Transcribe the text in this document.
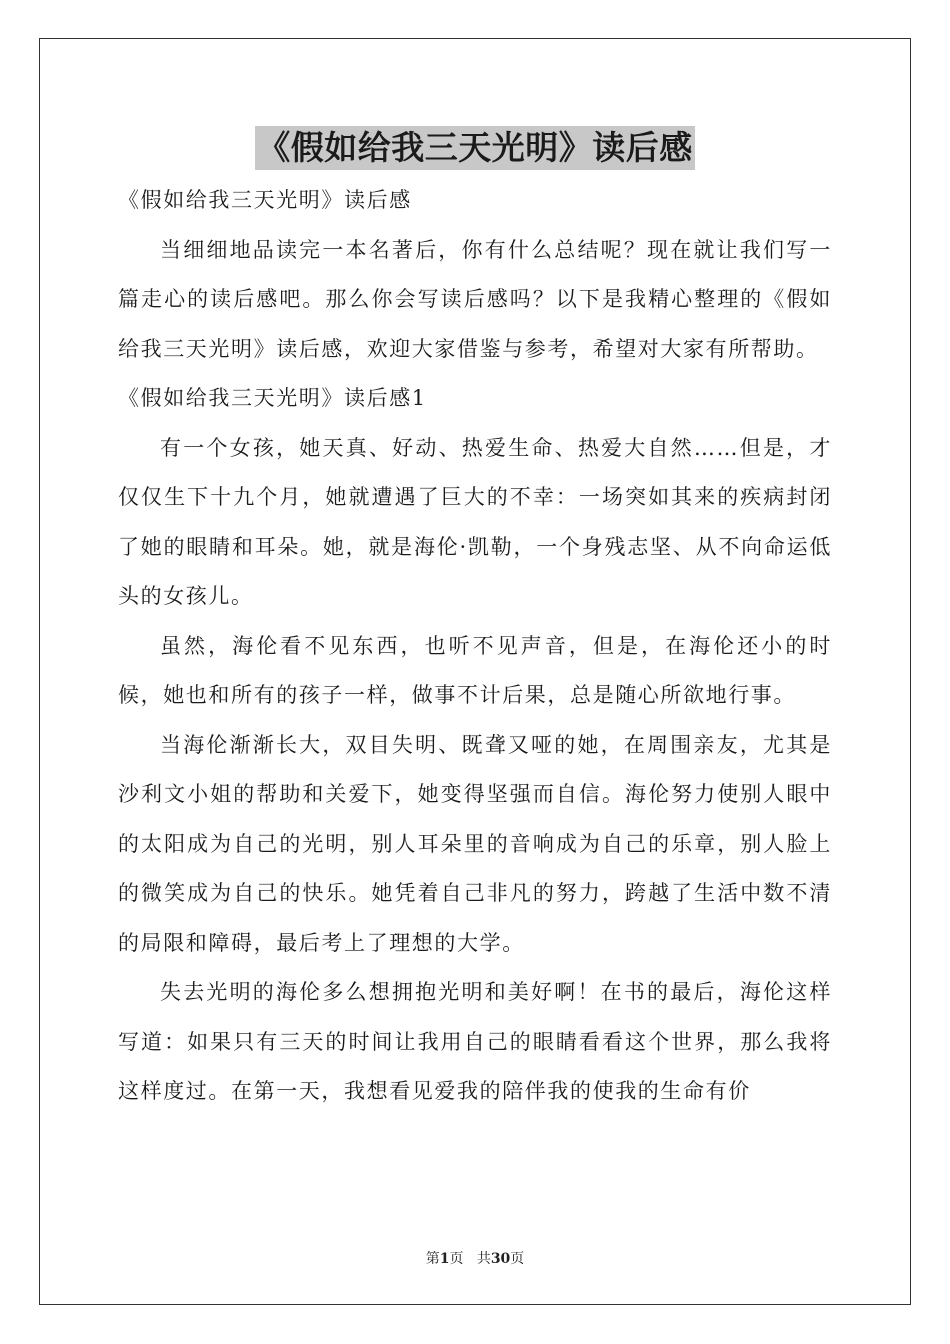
《假如给我三天光明》读后感

《假如给我三天光明》读后感

当细细地品读完一本名著后，你有什么总结呢？现在就让我们写一篇走心的读后感吧。那么你会写读后感吗？以下是我精心整理的《假如给我三天光明》读后感，欢迎大家借鉴与参考，希望对大家有所帮助。

《假如给我三天光明》读后感1

有一个女孩，她天真、好动、热爱生命、热爱大自然……但是，才仅仅生下十九个月，她就遭遇了巨大的不幸：一场突如其来的疾病封闭了她的眼睛和耳朵。她，就是海伦·凯勒，一个身残志坚、从不向命运低头的女孩儿。

虽然，海伦看不见东西，也听不见声音，但是，在海伦还小的时候，她也和所有的孩子一样，做事不计后果，总是随心所欲地行事。

当海伦渐渐长大，双目失明、既聋又哑的她，在周围亲友，尤其是沙利文小姐的帮助和关爱下，她变得坚强而自信。海伦努力使别人眼中的太阳成为自己的光明，别人耳朵里的音响成为自己的乐章，别人脸上的微笑成为自己的快乐。她凭着自己非凡的努力，跨越了生活中数不清的局限和障碍，最后考上了理想的大学。

失去光明的海伦多么想拥抱光明和美好啊！在书的最后，海伦这样写道：如果只有三天的时间让我用自己的眼睛看看这个世界，那么我将这样度过。在第一天，我想看见爱我的陪伴我的使我的生命有价

第1页 共30页
